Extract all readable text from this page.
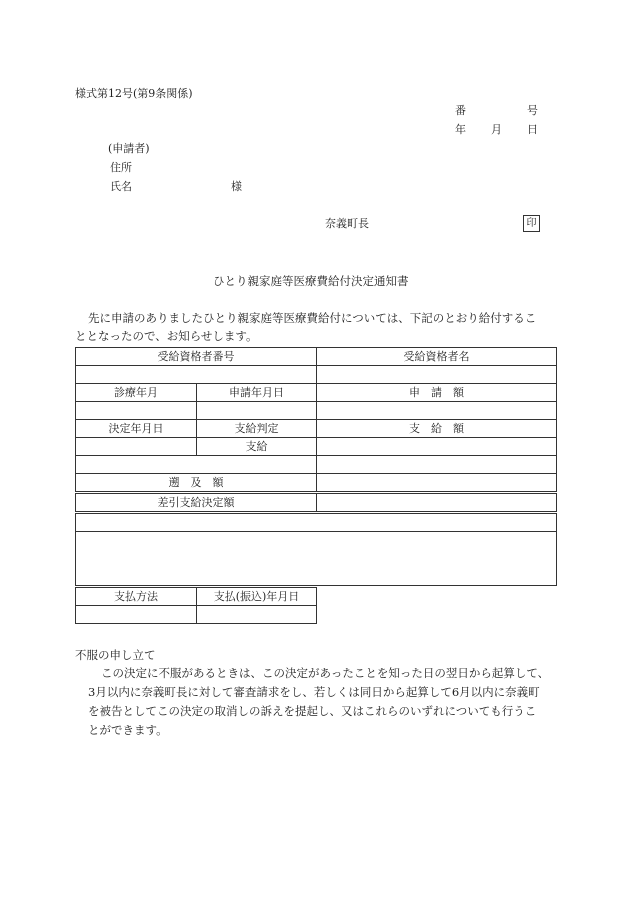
様式第12号(第9条関係)
番	号
年 月 日
(申請者)
住所
氏名	様
奈義町長	印
ひとり親家庭等医療費給付決定通知書
先に申請のありましたひとり親家庭等医療費給付については、下記のとおり給付するこ
ととなったので、お知らせします。
受給資格者番号		受給資格者名

診療年月	申請年月日	申　請　額

決定年月日	支給判定	支　給　額
	支給	

遡　及　額		
差引支給決定額		

支払方法	支払(振込)年月日

不服の申し立て
この決定に不服があるときは、この決定があったことを知った日の翌日から起算して、
3月以内に奈義町長に対して審査請求をし、若しくは同日から起算して6月以内に奈義町
を被告としてこの決定の取消しの訴えを提起し、又はこれらのいずれについても行うこ
とができます。
